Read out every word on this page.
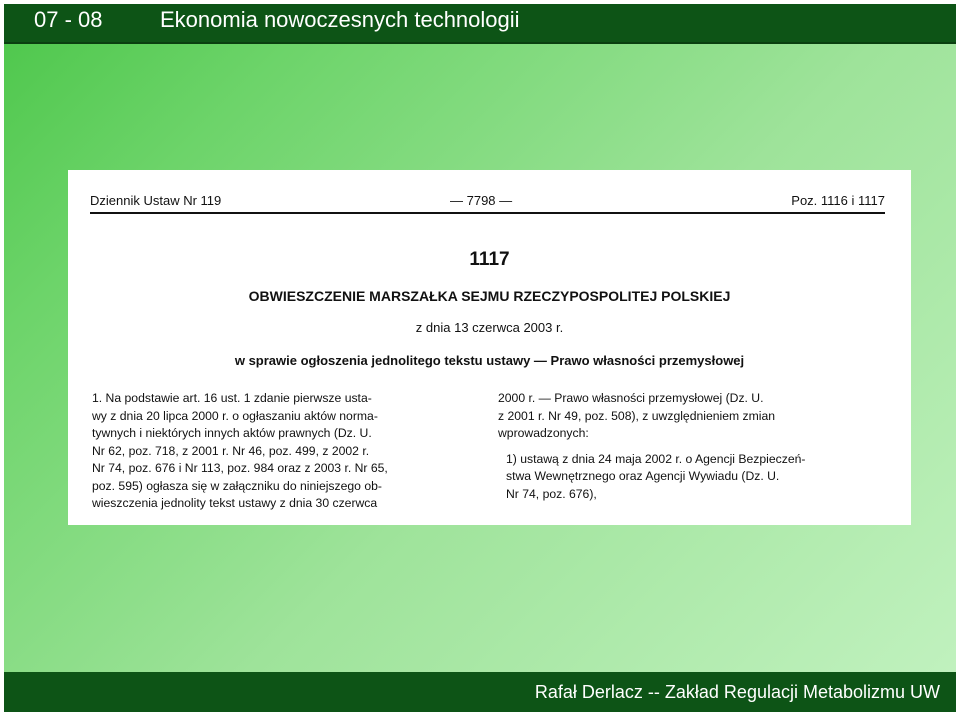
07 - 08	Ekonomia nowoczesnych technologii
Dziennik Ustaw Nr 119	— 7798 —	Poz. 1116 i 1117
1117
OBWIESZCZENIE MARSZAŁKA SEJMU RZECZYPOSPOLITEJ POLSKIEJ
z dnia 13 czerwca 2003 r.
w sprawie ogłoszenia jednolitego tekstu ustawy — Prawo własności przemysłowej
1. Na podstawie art. 16 ust. 1 zdanie pierwsze usta-
wy z dnia 20 lipca 2000 r. o ogłaszaniu aktów norma-
tywnych i niektórych innych aktów prawnych (Dz. U.
Nr 62, poz. 718, z 2001 r. Nr 46, poz. 499, z 2002 r.
Nr 74, poz. 676 i Nr 113, poz. 984 oraz z 2003 r. Nr 65,
poz. 595) ogłasza się w załączniku do niniejszego ob-
wieszczenia jednolity tekst ustawy z dnia 30 czerwca
2000 r. — Prawo własności przemysłowej (Dz. U.
z 2001 r. Nr 49, poz. 508), z uwzględnieniem zmian
wprowadzonych:
1) ustawą z dnia 24 maja 2002 r. o Agencji Bezpieczeń-
stwa Wewnętrznego oraz Agencji Wywiadu (Dz. U.
Nr 74, poz. 676),
Rafał Derlacz -- Zakład Regulacji Metabolizmu UW
